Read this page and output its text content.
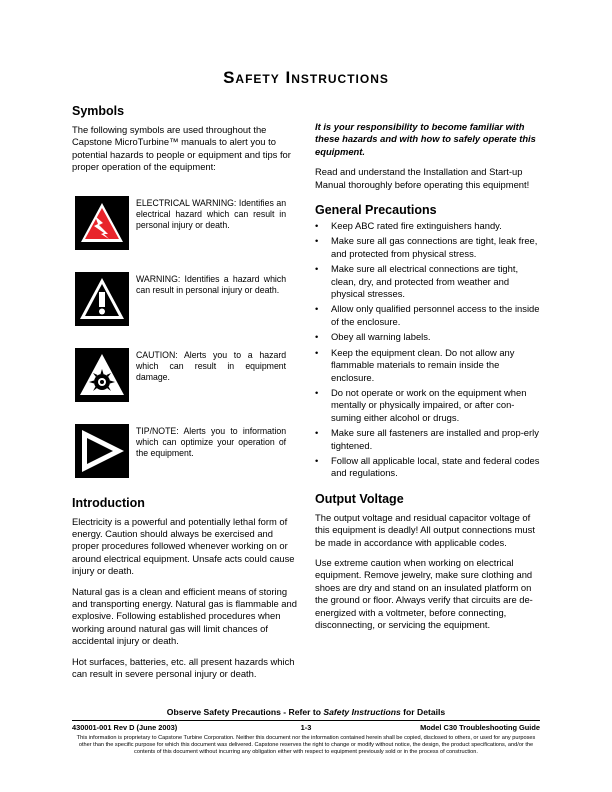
Safety Instructions
Symbols

The following symbols are used throughout the Capstone MicroTurbine™ manuals to alert you to potential hazards to people or equipment and tips for proper operation of the equipment:

ELECTRICAL WARNING: Identifies an electrical hazard which can result in personal injury or death.
WARNING: Identifies a hazard which can result in personal injury or death.
CAUTION: Alerts you to a hazard which can result in equipment damage.
TIP/NOTE: Alerts you to information which can optimize your operation of the equipment.
Introduction

Electricity is a powerful and potentially lethal form of energy. Caution should always be exercised and proper procedures followed whenever working on or around electrical equipment. Unsafe acts could cause injury or death.

Natural gas is a clean and efficient means of storing and transporting energy. Natural gas is flammable and explosive. Following established procedures when working around natural gas will limit chances of accidental injury or death.

Hot surfaces, batteries, etc. all present hazards which can result in severe personal injury or death.

It is your responsibility to become familiar with these hazards and with how to safely operate this equipment.

Read and understand the Installation and Start-up Manual thoroughly before operating this equipment!

General Precautions
• Keep ABC rated fire extinguishers handy.
• Make sure all gas connections are tight, leak free, and protected from physical stress.
• Make sure all electrical connections are tight, clean, dry, and protected from weather and physical stresses.
• Allow only qualified personnel access to the inside of the enclosure.
• Obey all warning labels.
• Keep the equipment clean. Do not allow any flammable materials to remain inside the enclosure.
• Do not operate or work on the equipment when mentally or physically impaired, or after con-suming either alcohol or drugs.
• Make sure all fasteners are installed and prop-erly tightened.
• Follow all applicable local, state and federal codes and regulations.
Output Voltage

The output voltage and residual capacitor voltage of this equipment is deadly! All output connections must be made in accordance with applicable codes.

Use extreme caution when working on electrical equipment. Remove jewelry, make sure clothing and shoes are dry and stand on an insulated platform on the ground or floor. Always verify that circuits are de- energized with a voltmeter, before connecting, disconnecting, or servicing the equipment.

Observe Safety Precautions - Refer to Safety Instructions for Details
430001-001 Rev D (June 2003)	1-3	Model C30 Troubleshooting Guide
This information is proprietary to Capstone Turbine Corporation. Neither this document nor the information contained herein shall be copied, disclosed to others, or used for any purposes other than the specific purpose for which this document was delivered. Capstone reserves the right to change or modify without notice, the design, the product specifications, and/or the contents of this document without incurring any obligation either with respect to equipment previously sold or in the process of construction.
